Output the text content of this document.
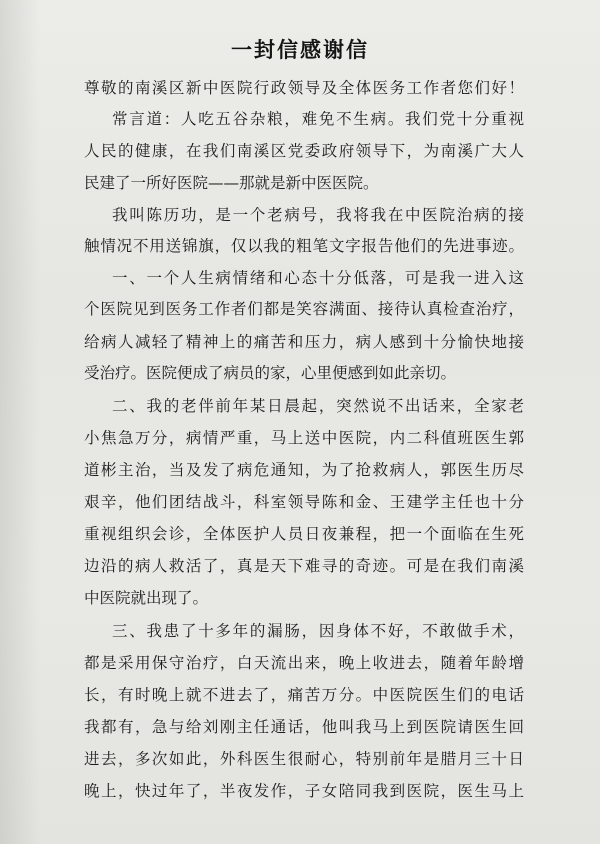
一封信感谢信
尊敬的南溪区新中医院行政领导及全体医务工作者您们好！
常言道：人吃五谷杂粮，难免不生病。我们党十分重视
人民的健康，在我们南溪区党委政府领导下，为南溪广大人
民建了一所好医院——那就是新中医医院。
我叫陈历功，是一个老病号，我将我在中医院治病的接
触情况不用送锦旗，仅以我的粗笔文字报告他们的先进事迹。
一、一个人生病情绪和心态十分低落，可是我一进入这
个医院见到医务工作者们都是笑容满面、接待认真检查治疗，
给病人减轻了精神上的痛苦和压力，病人感到十分愉快地接
受治疗。医院便成了病员的家，心里便感到如此亲切。
二、我的老伴前年某日晨起，突然说不出话来，全家老
小焦急万分，病情严重，马上送中医院，内二科值班医生郭
道彬主治，当及发了病危通知，为了抢救病人，郭医生历尽
艰辛，他们团结战斗，科室领导陈和金、王建学主任也十分
重视组织会诊，全体医护人员日夜兼程，把一个面临在生死
边沿的病人救活了，真是天下难寻的奇迹。可是在我们南溪
中医院就出现了。
三、我患了十多年的漏肠，因身体不好，不敢做手术，
都是采用保守治疗，白天流出来，晚上收进去，随着年龄增
长，有时晚上就不进去了，痛苦万分。中医院医生们的电话
我都有，急与给刘刚主任通话，他叫我马上到医院请医生回
进去，多次如此，外科医生很耐心，特别前年是腊月三十日
晚上，快过年了，半夜发作，子女陪同我到医院，医生马上
